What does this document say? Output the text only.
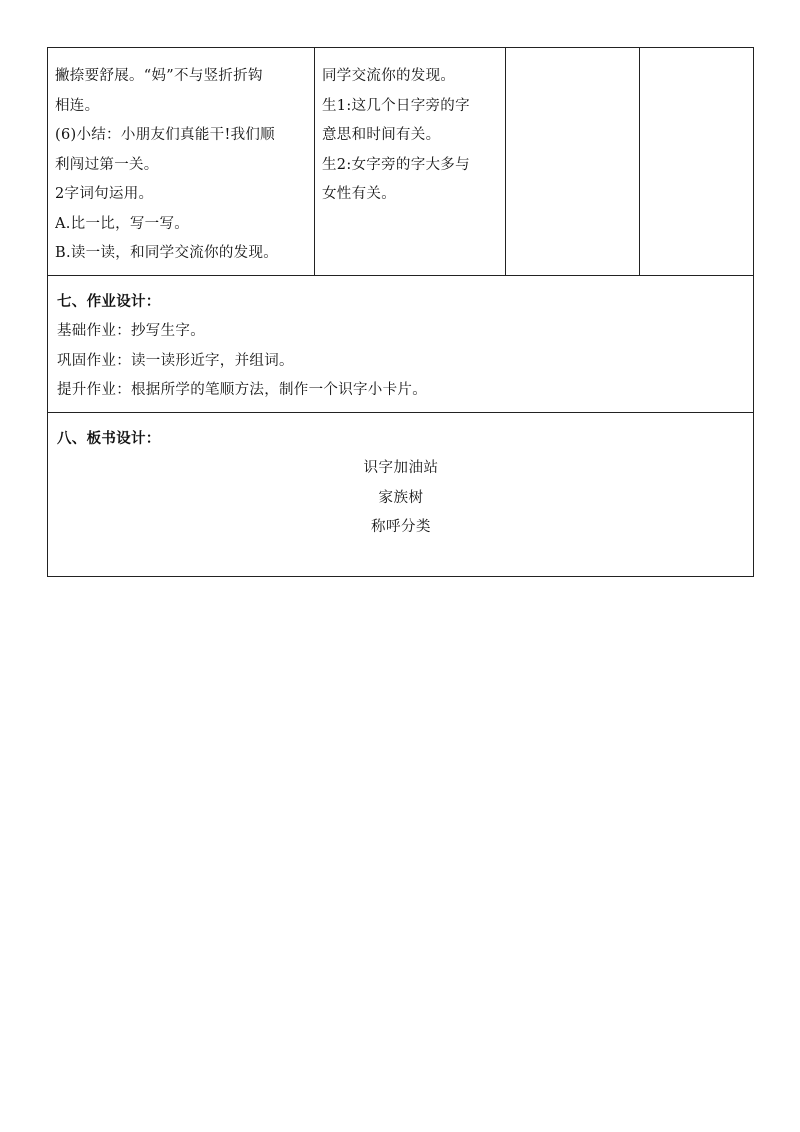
撇捺要舒展。“妈”不与竖折折钩
相连。
(6)小结：小朋友们真能干!我们顺
利闯过第一关。
2字词句运用。
A.比一比，写一写。
B.读一读，和同学交流你的发现。

同学交流你的发现。
生1:这几个日字旁的字
意思和时间有关。
生2:女字旁的字大多与
女性有关。

七、作业设计：
基础作业：抄写生字。
巩固作业：读一读形近字，并组词。
提升作业：根据所学的笔顺方法，制作一个识字小卡片。

八、板书设计：
识字加油站
家族树
称呼分类
